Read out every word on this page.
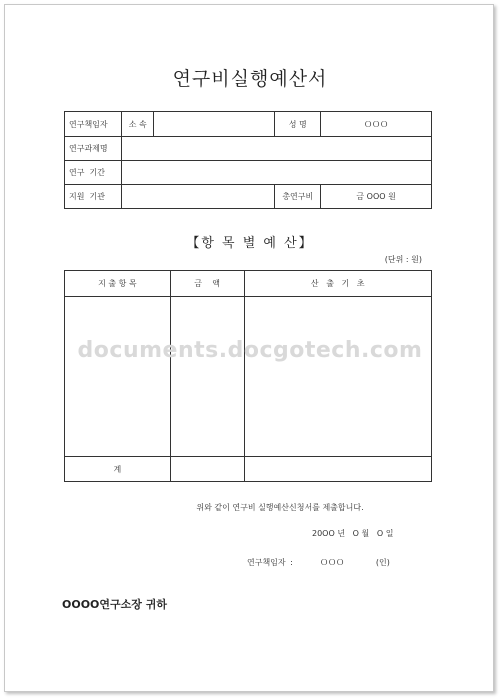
연구비실행예산서
연구책임자	소 속		성 명	ＯＯＯ
연구과제명				
연구  기간				
지원  기관			총연구비	금 OOO 원
【항 목 별 예 산】
(단위 : 원)
지 출 항 목	금    액	산   출   기   초

계		
documents.docgotech.com
위와 같이 연구비 실행예산신청서를 제출합니다.
20OO 년   O 월   O 일
연구책임자 :      ＯＯＯ       (인)
OOOO연구소장 귀하
